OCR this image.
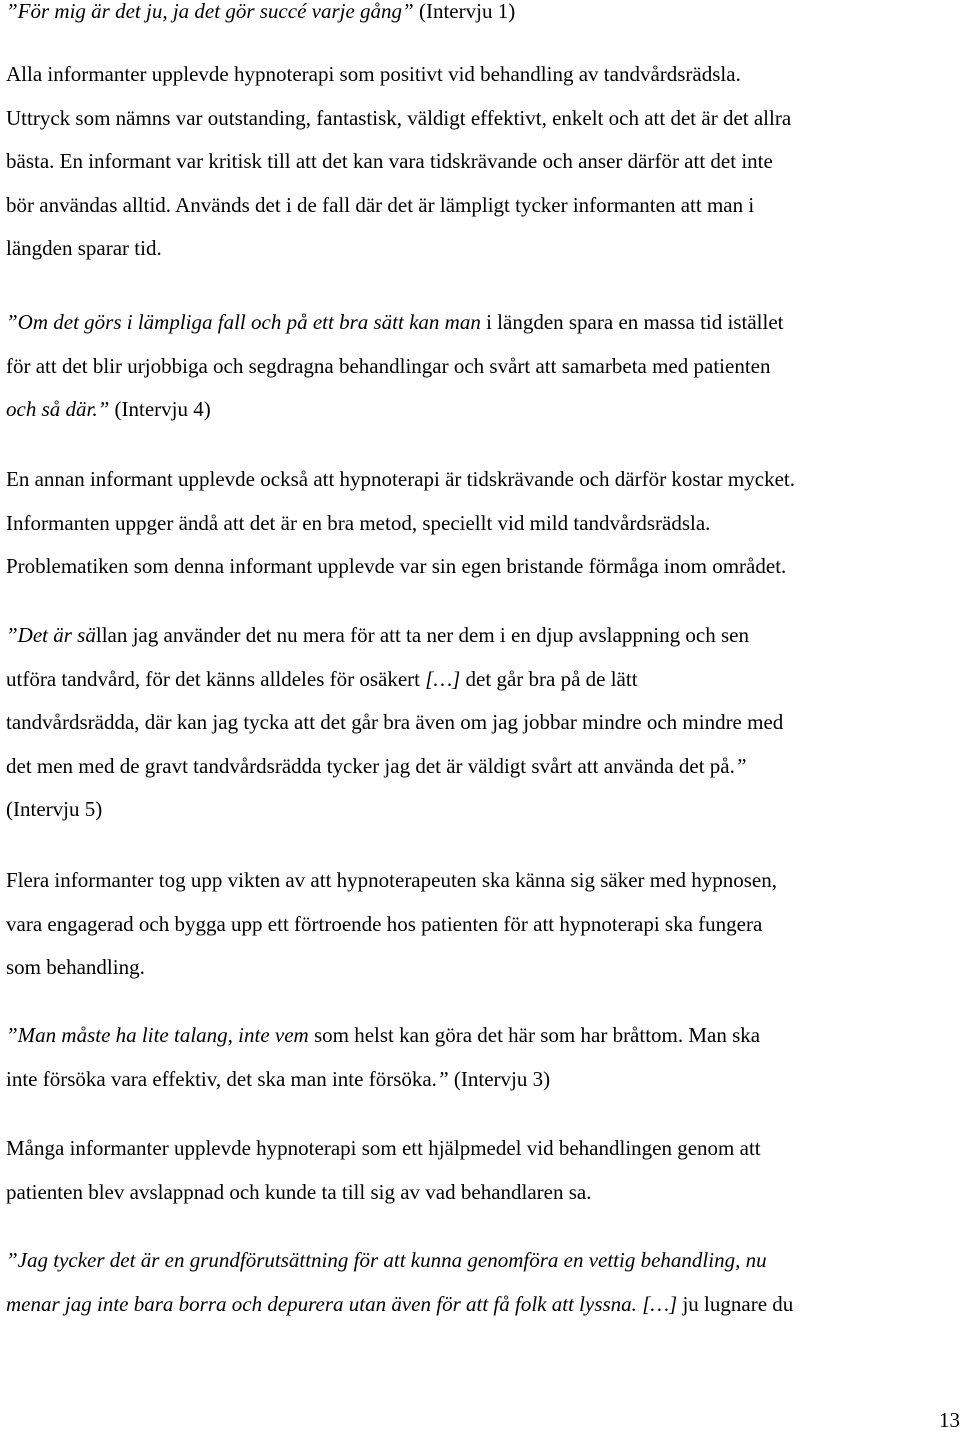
”För mig är det ju, ja det gör succé varje gång” (Intervju 1)
Alla informanter upplevde hypnoterapi som positivt vid behandling av tandvårdsrädsla.
Uttryck som nämns var outstanding, fantastisk, väldigt effektivt, enkelt och att det är det allra
bästa. En informant var kritisk till att det kan vara tidskrävande och anser därför att det inte
bör användas alltid. Används det i de fall där det är lämpligt tycker informanten att man i
längden sparar tid.
”Om det görs i lämpliga fall och på ett bra sätt kan man i längden spara en massa tid istället
för att det blir urjobbiga och segdragna behandlingar och svårt att samarbeta med patienten
och så där.” (Intervju 4)
En annan informant upplevde också att hypnoterapi är tidskrävande och därför kostar mycket.
Informanten uppger ändå att det är en bra metod, speciellt vid mild tandvårdsrädsla.
Problematiken som denna informant upplevde var sin egen bristande förmåga inom området.
”Det är sällan jag använder det nu mera för att ta ner dem i en djup avslappning och sen
utföra tandvård, för det känns alldeles för osäkert […] det går bra på de lätt
tandvårdsrädda, där kan jag tycka att det går bra även om jag jobbar mindre och mindre med
det men med de gravt tandvårdsrädda tycker jag det är väldigt svårt att använda det på.”
(Intervju 5)
Flera informanter tog upp vikten av att hypnoterapeuten ska känna sig säker med hypnosen,
vara engagerad och bygga upp ett förtroende hos patienten för att hypnoterapi ska fungera
som behandling.
”Man måste ha lite talang, inte vem som helst kan göra det här som har bråttom. Man ska
inte försöka vara effektiv, det ska man inte försöka.” (Intervju 3)
Många informanter upplevde hypnoterapi som ett hjälpmedel vid behandlingen genom att
patienten blev avslappnad och kunde ta till sig av vad behandlaren sa.
”Jag tycker det är en grundförutsättning för att kunna genomföra en vettig behandling, nu
menar jag inte bara borra och depurera utan även för att få folk att lyssna. […] ju lugnare du
13
